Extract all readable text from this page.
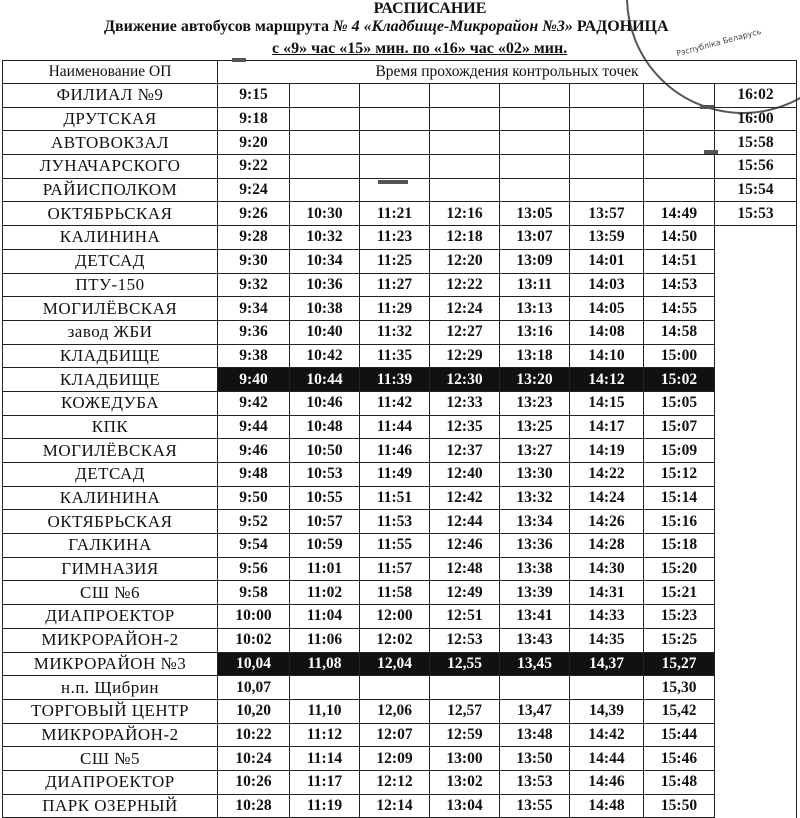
Рэспубліка Беларусь
РАСПИСАНИЕ
Движение автобусов маршрута № 4 «Кладбище-Микрорайон №3» РАДОНИЦА
с «9» час «15» мин. по «16» час «02» мин.
Наименование ОП	Время прохождения контрольных точек							
ФИЛИАЛ №9	9:15							16:02
ДРУТСКАЯ	9:18							16:00
АВТОВОКЗАЛ	9:20							15:58
ЛУНАЧАРСКОГО	9:22							15:56
РАЙИСПОЛКОМ	9:24							15:54
ОКТЯБРЬСКАЯ	9:26	10:30	11:21	12:16	13:05	13:57	14:49	15:53
КАЛИНИНА	9:28	10:32	11:23	12:18	13:07	13:59	14:50	
ДЕТСАД	9:30	10:34	11:25	12:20	13:09	14:01	14:51	
ПТУ-150	9:32	10:36	11:27	12:22	13:11	14:03	14:53	
МОГИЛЁВСКАЯ	9:34	10:38	11:29	12:24	13:13	14:05	14:55	
завод ЖБИ	9:36	10:40	11:32	12:27	13:16	14:08	14:58	
КЛАДБИЩЕ	9:38	10:42	11:35	12:29	13:18	14:10	15:00	
КЛАДБИЩЕ	9:40	10:44	11:39	12:30	13:20	14:12	15:02	
КОЖЕДУБА	9:42	10:46	11:42	12:33	13:23	14:15	15:05	
КПК	9:44	10:48	11:44	12:35	13:25	14:17	15:07	
МОГИЛЁВСКАЯ	9:46	10:50	11:46	12:37	13:27	14:19	15:09	
ДЕТСАД	9:48	10:53	11:49	12:40	13:30	14:22	15:12	
КАЛИНИНА	9:50	10:55	11:51	12:42	13:32	14:24	15:14	
ОКТЯБРЬСКАЯ	9:52	10:57	11:53	12:44	13:34	14:26	15:16	
ГАЛКИНА	9:54	10:59	11:55	12:46	13:36	14:28	15:18	
ГИМНАЗИЯ	9:56	11:01	11:57	12:48	13:38	14:30	15:20	
СШ №6	9:58	11:02	11:58	12:49	13:39	14:31	15:21	
ДИАПРОЕКТОР	10:00	11:04	12:00	12:51	13:41	14:33	15:23	
МИКРОРАЙОН-2	10:02	11:06	12:02	12:53	13:43	14:35	15:25	
МИКРОРАЙОН №3	10,04	11,08	12,04	12,55	13,45	14,37	15,27	
н.п. Щибрин	10,07						15,30	
ТОРГОВЫЙ ЦЕНТР	10,20	11,10	12,06	12,57	13,47	14,39	15,42	
МИКРОРАЙОН-2	10:22	11:12	12:07	12:59	13:48	14:42	15:44	
СШ №5	10:24	11:14	12:09	13:00	13:50	14:44	15:46	
ДИАПРОЕКТОР	10:26	11:17	12:12	13:02	13:53	14:46	15:48	
ПАРК ОЗЕРНЫЙ	10:28	11:19	12:14	13:04	13:55	14:48	15:50	
